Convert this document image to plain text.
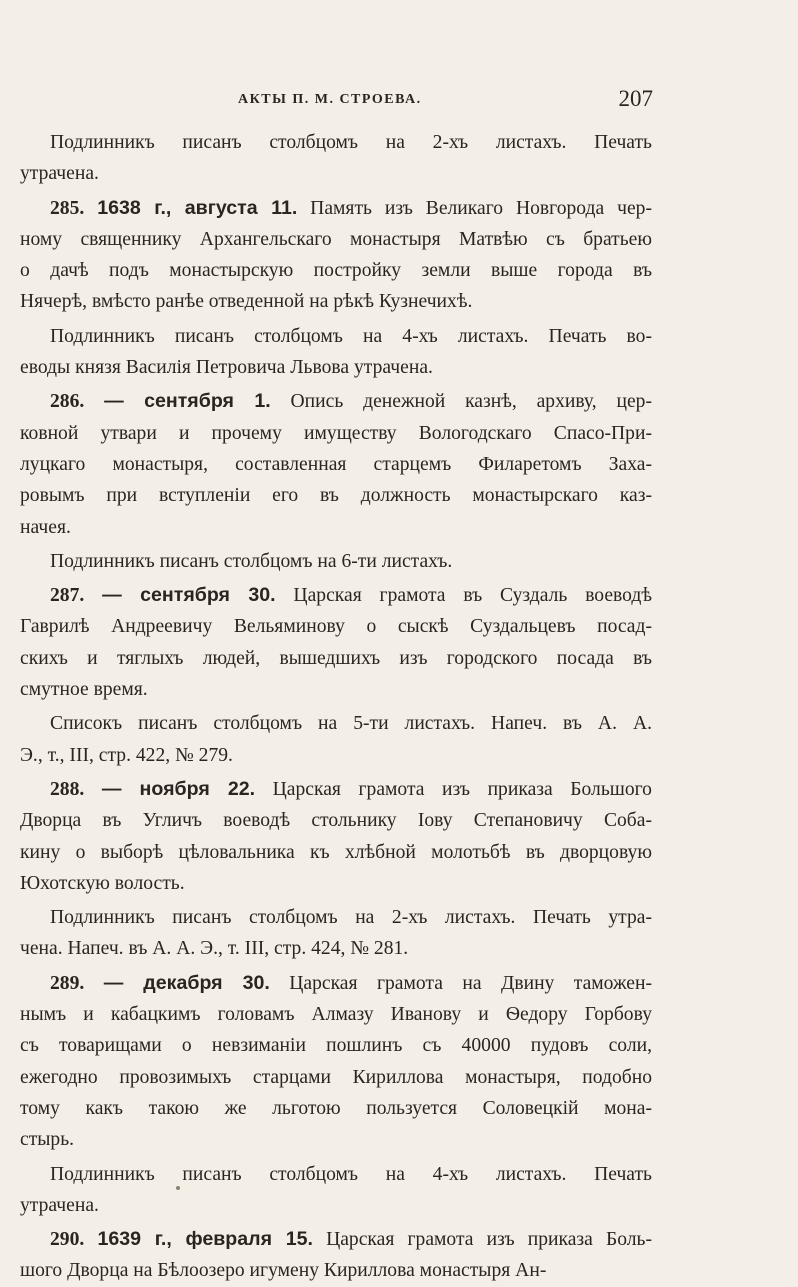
АКТЫ П. М. СТРОЕВА.	207
Подлинникъ писанъ столбцомъ на 2-хъ листахъ. Печать
утрачена.
285. 1638 г., августа 11. Память изъ Великаго Новгорода чер-
ному священнику Архангельскаго монастыря Матвѣю съ братьею
о дачѣ подъ монастырскую постройку земли выше города въ
Нячерѣ, вмѣсто ранѣе отведенной на рѣкѣ Кузнечихѣ.
Подлинникъ писанъ столбцомъ на 4-хъ листахъ. Печать во-
еводы князя Василія Петровича Львова утрачена.
286. — сентября 1. Опись денежной казнѣ, архиву, цер-
ковной утвари и прочему имуществу Вологодскаго Спасо-При-
луцкаго монастыря, составленная старцемъ Филаретомъ Заха-
ровымъ при вступленіи его въ должность монастырскаго каз-
начея.
Подлинникъ писанъ столбцомъ на 6-ти листахъ.
287. — сентября 30. Царская грамота въ Суздаль воеводѣ
Гаврилѣ Андреевичу Вельяминову о сыскѣ Суздальцевъ посад-
скихъ и тяглыхъ людей, вышедшихъ изъ городского посада въ
смутное время.
Списокъ писанъ столбцомъ на 5-ти листахъ. Напеч. въ А. А.
Э., т., III, стр. 422, № 279.
288. — ноября 22. Царская грамота изъ приказа Большого
Дворца въ Угличъ воеводѣ стольнику Іову Степановичу Соба-
кину о выборѣ цѣловальника къ хлѣбной молотьбѣ въ дворцовую
Юхотскую волость.
Подлинникъ писанъ столбцомъ на 2-хъ листахъ. Печать утра-
чена. Напеч. въ А. А. Э., т. III, стр. 424, № 281.
289. — декабря 30. Царская грамота на Двину таможен-
нымъ и кабацкимъ головамъ Алмазу Иванову и Ѳедору Горбову
съ товарищами о невзиманіи пошлинъ съ 40000 пудовъ соли,
ежегодно провозимыхъ старцами Кириллова монастыря, подобно
тому какъ такою же льготою пользуется Соловецкій мона-
стырь.
Подлинникъ писанъ столбцомъ на 4-хъ листахъ. Печать
утрачена.
290. 1639 г., февраля 15. Царская грамота изъ приказа Боль-
шого Дворца на Бѣлоозеро игумену Кириллова монастыря Ан-
